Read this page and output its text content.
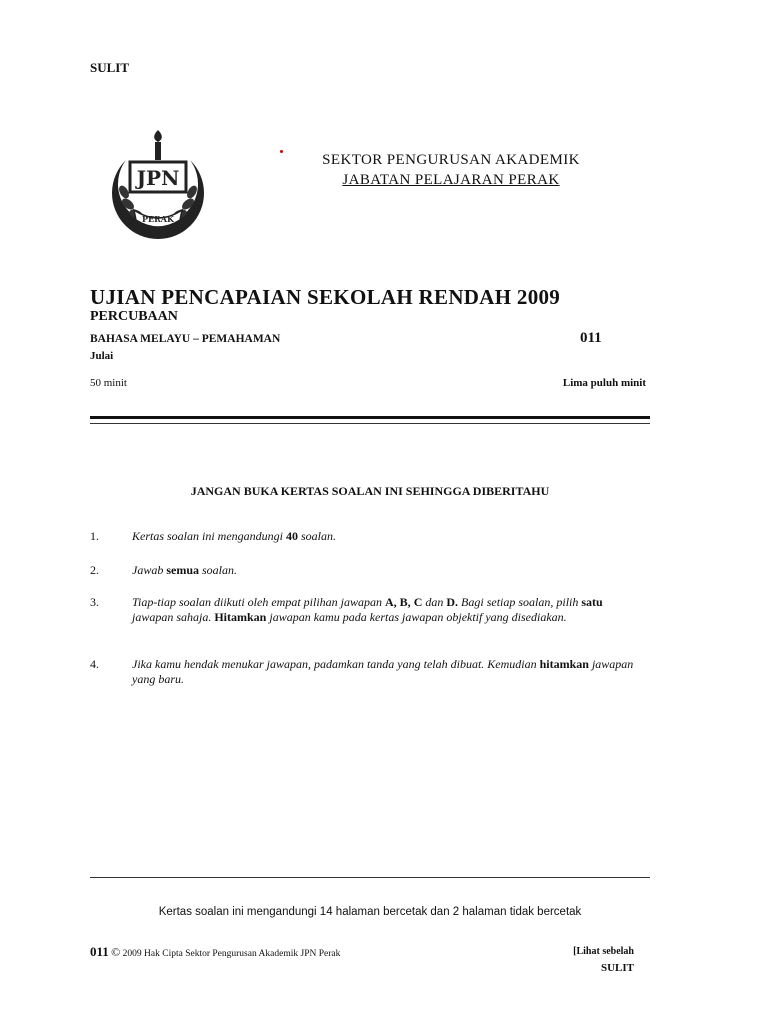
SULIT
JPN
PERAK
SEKTOR PENGURUSAN AKADEMIK
JABATAN PELAJARAN PERAK
UJIAN PENCAPAIAN SEKOLAH RENDAH 2009
PERCUBAAN
BAHASA MELAYU – PEMAHAMAN	011
Julai
50 minit	Lima puluh minit
JANGAN BUKA KERTAS SOALAN INI SEHINGGA DIBERITAHU
1.	Kertas soalan ini mengandungi 40 soalan.
2.	Jawab semua soalan.
3.	Tiap-tiap soalan diikuti oleh empat pilihan jawapan A, B, C dan D. Bagi setiap soalan, pilih satu jawapan sahaja. Hitamkan jawapan kamu pada kertas jawapan objektif yang disediakan.
4.	Jika kamu hendak menukar jawapan, padamkan tanda yang telah dibuat. Kemudian hitamkan jawapan yang baru.
Kertas soalan ini mengandungi 14 halaman bercetak dan 2 halaman tidak bercetak
011 © 2009 Hak Cipta Sektor Pengurusan Akademik JPN Perak	[Lihat sebelah
SULIT
